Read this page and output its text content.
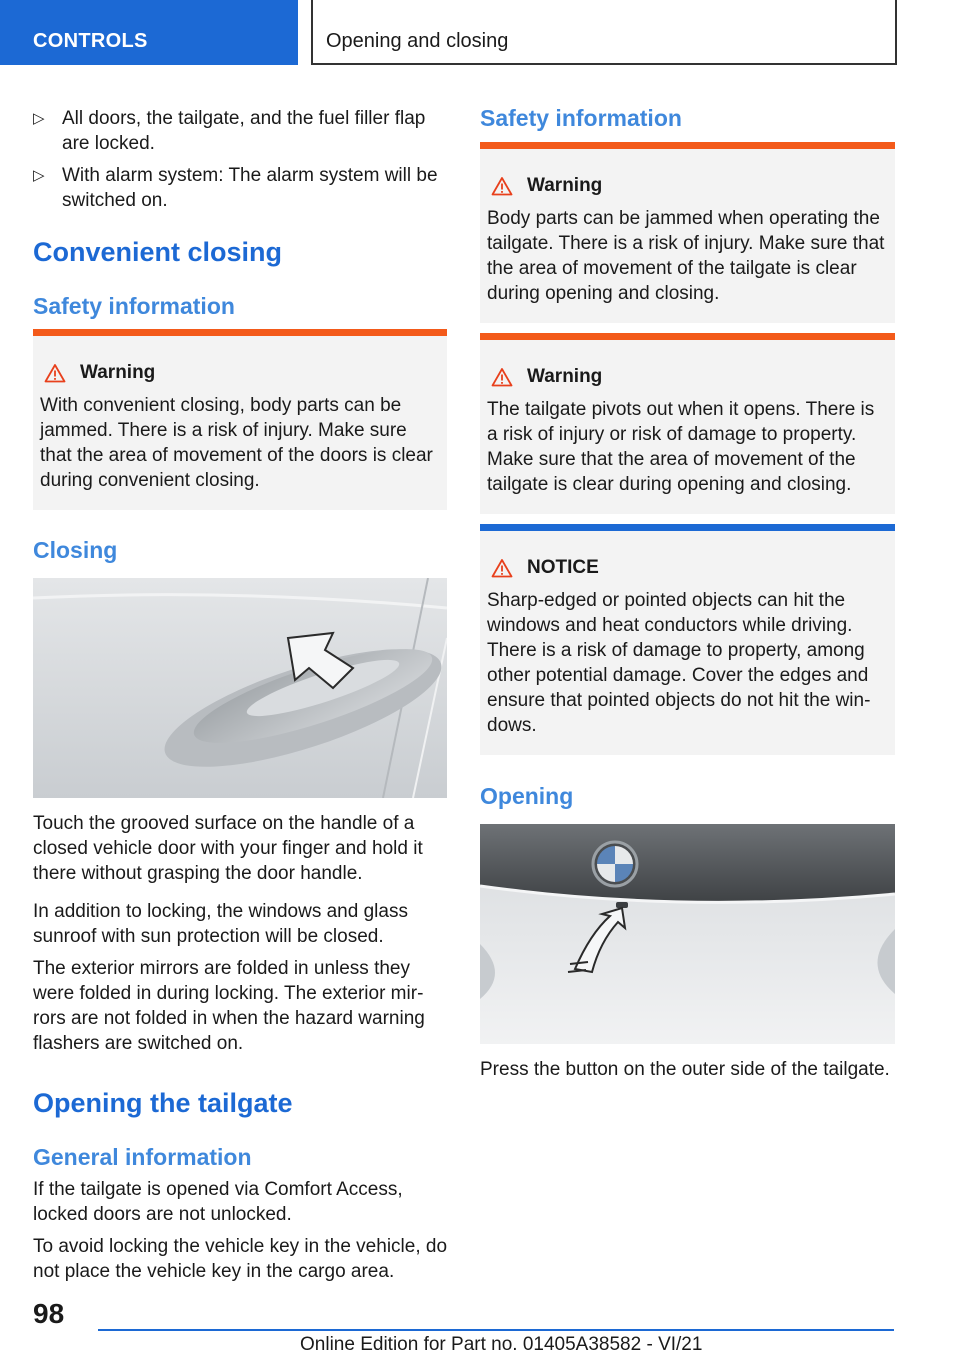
CONTROLS	Opening and closing
▷ All doors, the tailgate, and the fuel filler flap are locked.
▷ With alarm system: The alarm system will be switched on.
Convenient closing
Safety information
Warning

With convenient closing, body parts can be jammed. There is a risk of injury. Make sure that the area of movement of the doors is clear during convenient closing.

Closing

Touch the grooved surface on the handle of a closed vehicle door with your finger and hold it there without grasping the door handle.

In addition to locking, the windows and glass sunroof with sun protection will be closed.

The exterior mirrors are folded in unless they were folded in during locking. The exterior mirrors are not folded in when the hazard warning flashers are switched on.

Opening the tailgate
General information

If the tailgate is opened via Comfort Access, locked doors are not unlocked.

To avoid locking the vehicle key in the vehicle, do not place the vehicle key in the cargo area.

Safety information
Warning

Body parts can be jammed when operating the tailgate. There is a risk of injury. Make sure that the area of movement of the tailgate is clear during opening and closing.

Warning

The tailgate pivots out when it opens. There is a risk of injury or risk of damage to property. Make sure that the area of movement of the tailgate is clear during opening and closing.

NOTICE

Sharp-edged or pointed objects can hit the windows and heat conductors while driving. There is a risk of damage to property, among other potential damage. Cover the edges and ensure that pointed objects do not hit the windows.

Opening

Press the button on the outer side of the tailgate.

98
Online Edition for Part no. 01405A38582 - VI/21
